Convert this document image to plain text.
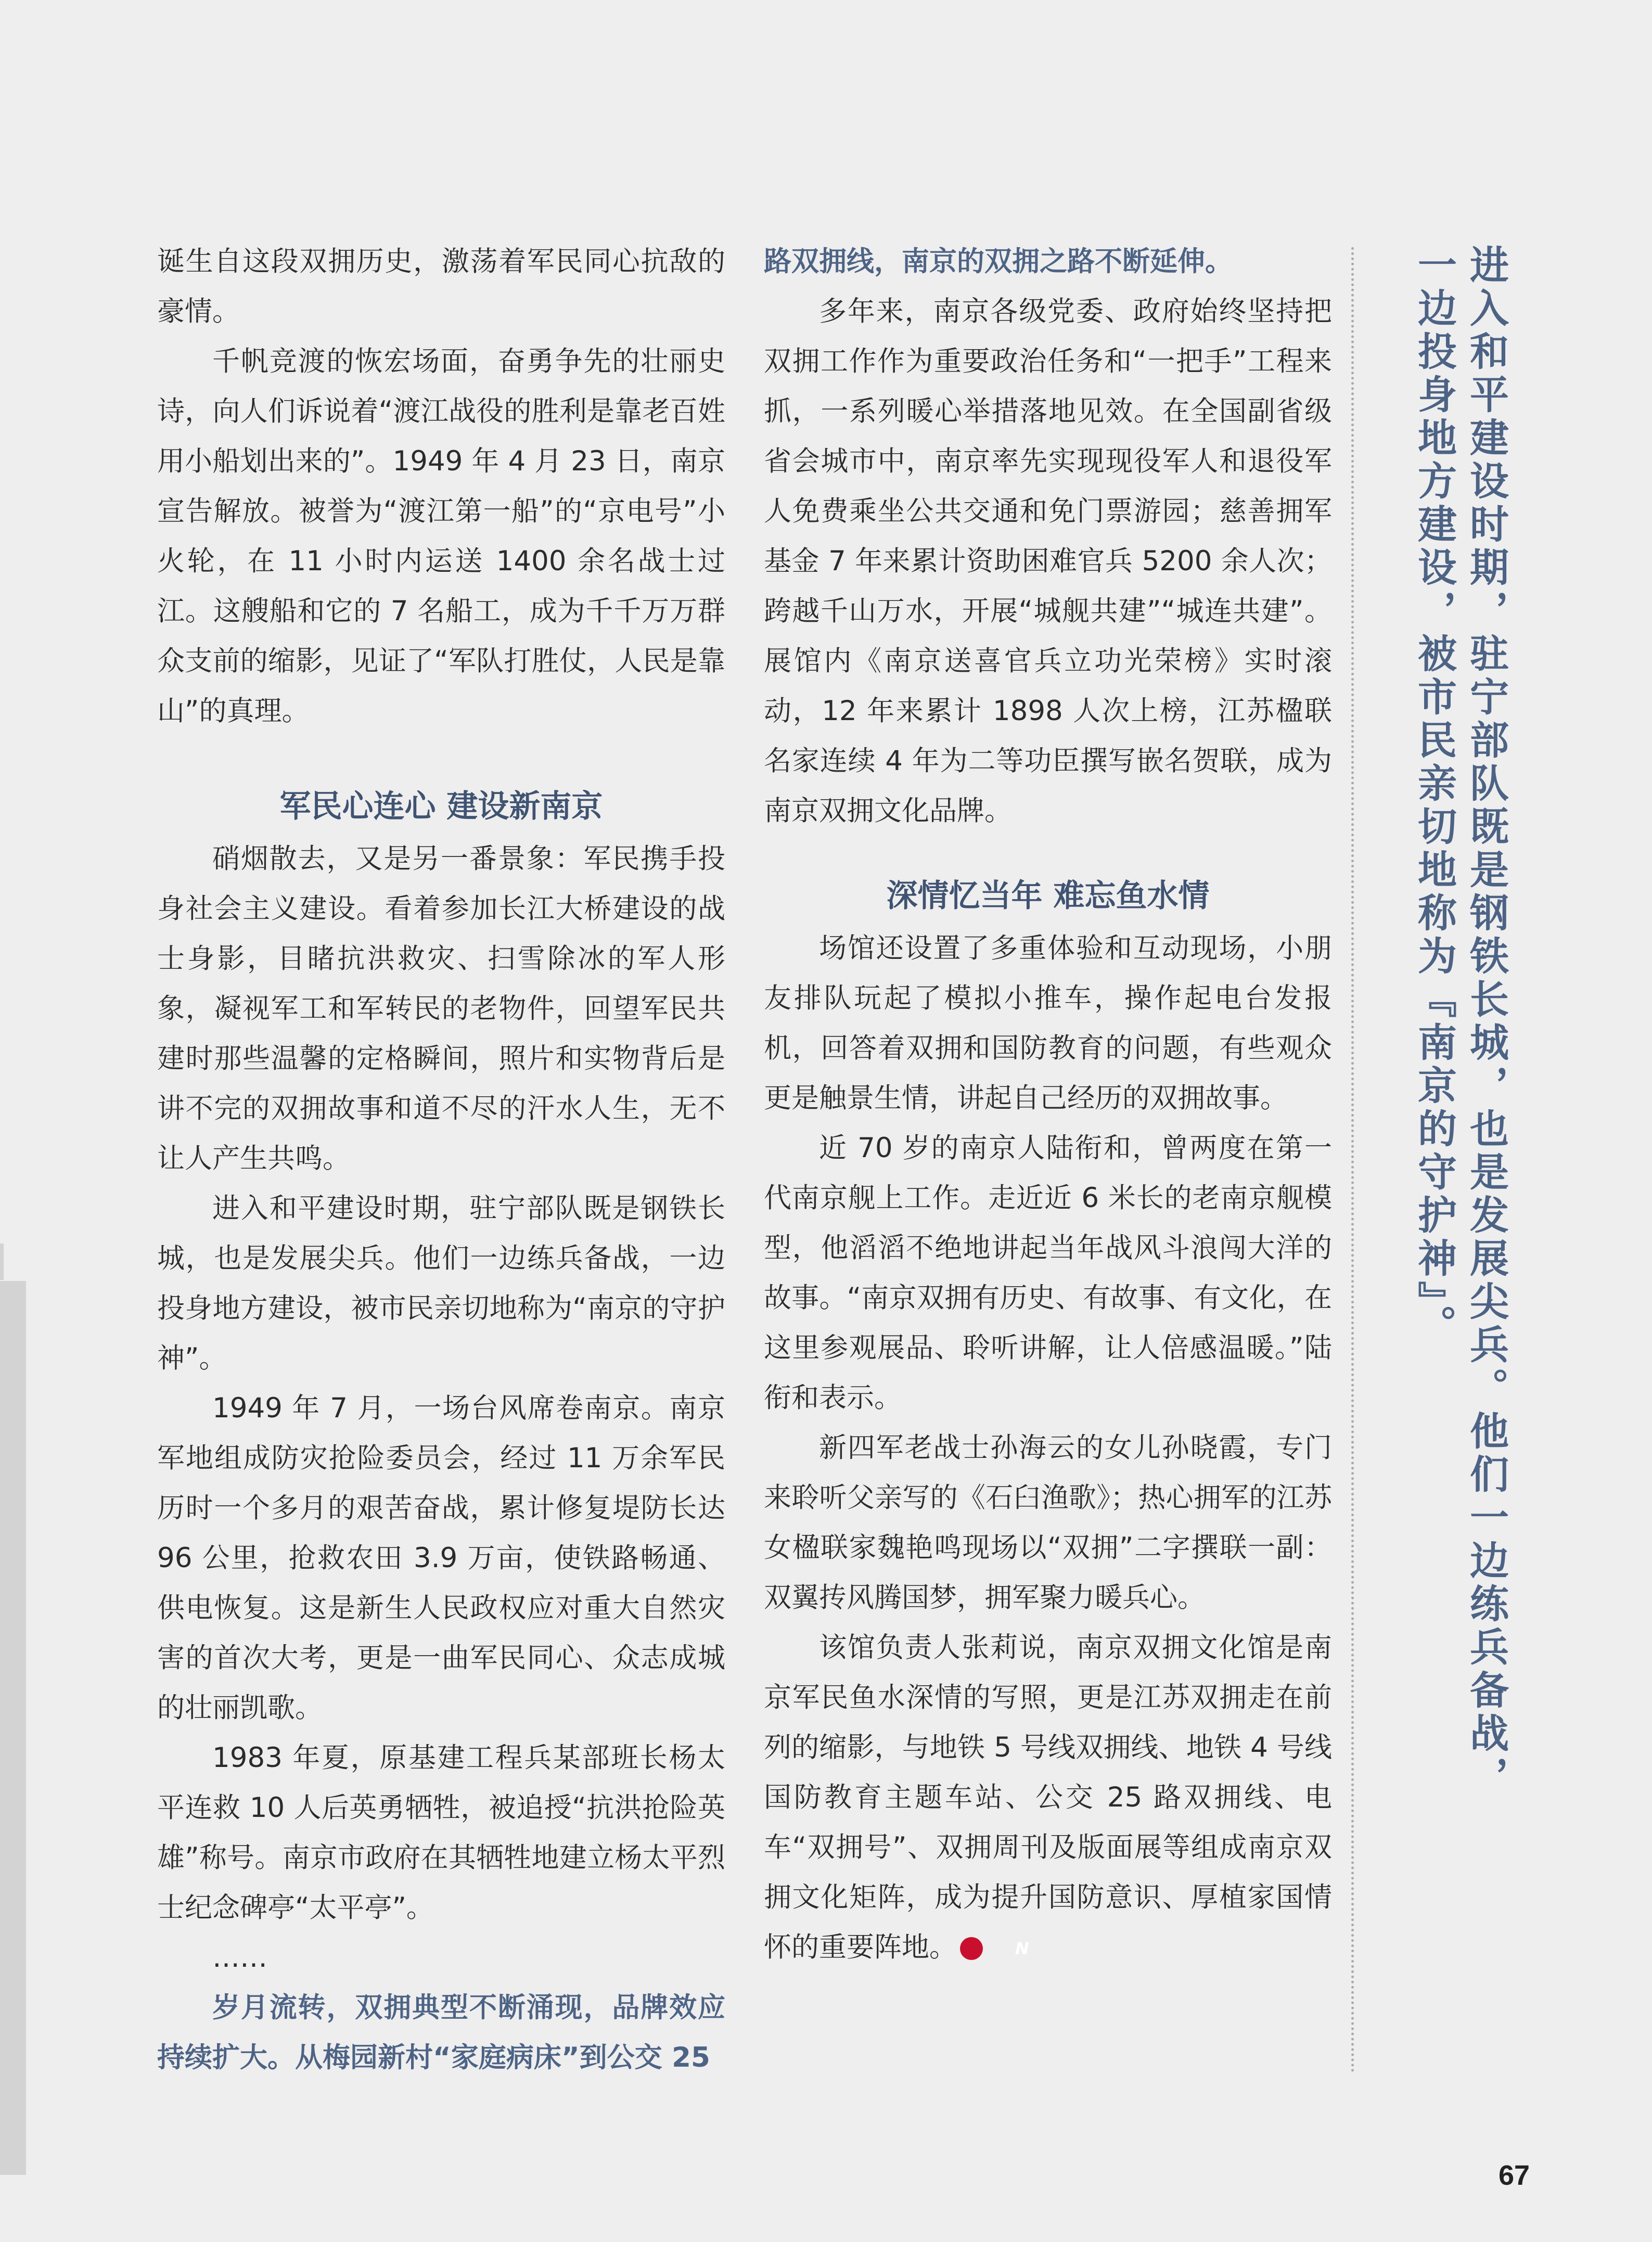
诞生自这段双拥历史，激荡着军民同心抗敌的豪情。

千帆竞渡的恢宏场面，奋勇争先的壮丽史诗，向人们诉说着“渡江战役的胜利是靠老百姓用小船划出来的”。1949 年 4 月 23 日，南京宣告解放。被誉为“渡江第一船”的“京电号”小火轮，在 11 小时内运送 1400 余名战士过江。这艘船和它的 7 名船工，成为千千万万群众支前的缩影，见证了“军队打胜仗，人民是靠山”的真理。

军民心连心 建设新南京

硝烟散去，又是另一番景象：军民携手投身社会主义建设。看着参加长江大桥建设的战士身影，目睹抗洪救灾、扫雪除冰的军人形象，凝视军工和军转民的老物件，回望军民共建时那些温馨的定格瞬间，照片和实物背后是讲不完的双拥故事和道不尽的汗水人生，无不让人产生共鸣。

进入和平建设时期，驻宁部队既是钢铁长城，也是发展尖兵。他们一边练兵备战，一边投身地方建设，被市民亲切地称为“南京的守护神”。

1949 年 7 月，一场台风席卷南京。南京军地组成防灾抢险委员会，经过 11 万余军民历时一个多月的艰苦奋战，累计修复堤防长达 96 公里，抢救农田 3.9 万亩，使铁路畅通、供电恢复。这是新生人民政权应对重大自然灾害的首次大考，更是一曲军民同心、众志成城的壮丽凯歌。

1983 年夏，原基建工程兵某部班长杨太平连救 10 人后英勇牺牲，被追授“抗洪抢险英雄”称号。南京市政府在其牺牲地建立杨太平烈士纪念碑亭“太平亭”。

……

岁月流转，双拥典型不断涌现，品牌效应持续扩大。从梅园新村“家庭病床”到公交 25

路双拥线，南京的双拥之路不断延伸。

多年来，南京各级党委、政府始终坚持把双拥工作作为重要政治任务和“一把手”工程来抓，一系列暖心举措落地见效。在全国副省级省会城市中，南京率先实现现役军人和退役军人免费乘坐公共交通和免门票游园；慈善拥军基金 7 年来累计资助困难官兵 5200 余人次；跨越千山万水，开展“城舰共建”“城连共建”。展馆内《南京送喜官兵立功光荣榜》实时滚动，12 年来累计 1898 人次上榜，江苏楹联名家连续 4 年为二等功臣撰写嵌名贺联，成为南京双拥文化品牌。

深情忆当年 难忘鱼水情

场馆还设置了多重体验和互动现场，小朋友排队玩起了模拟小推车，操作起电台发报机，回答着双拥和国防教育的问题，有些观众更是触景生情，讲起自己经历的双拥故事。

近 70 岁的南京人陆衔和，曾两度在第一代南京舰上工作。走近近 6 米长的老南京舰模型，他滔滔不绝地讲起当年战风斗浪闯大洋的故事。“南京双拥有历史、有故事、有文化，在这里参观展品、聆听讲解，让人倍感温暖。”陆衔和表示。

新四军老战士孙海云的女儿孙晓霞，专门来聆听父亲写的《石臼渔歌》；热心拥军的江苏女楹联家魏艳鸣现场以“双拥”二字撰联一副：双翼抟风腾国梦，拥军聚力暖兵心。

该馆负责人张莉说，南京双拥文化馆是南京军民鱼水深情的写照，更是江苏双拥走在前列的缩影，与地铁 5 号线双拥线、地铁 4 号线国防教育主题车站、公交 25 路双拥线、电车“双拥号”、双拥周刊及版面展等组成南京双拥文化矩阵，成为提升国防意识、厚植家国情怀的重要阵地。	N

进入和平建设时期，驻宁部队既是钢铁长城，也是发展尖兵。他们一边练兵备战，
一边投身地方建设，被市民亲切地称为『南京的守护神』。
67
